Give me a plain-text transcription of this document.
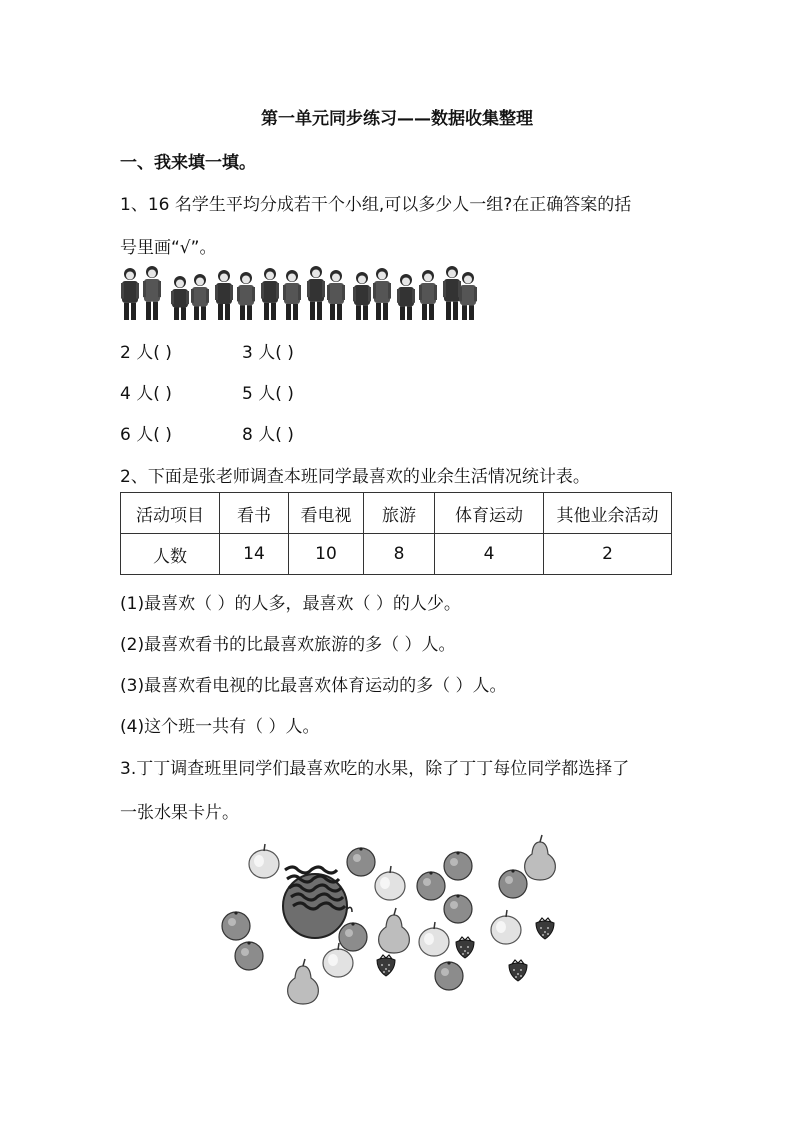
第一单元同步练习——数据收集整理
一、我来填一填。
1、16 名学生平均分成若干个小组,可以多少人一组?在正确答案的括
号里画“√”。
2 人( )	3 人( )
4 人( )	5 人( )
6 人( )	8 人( )
2、下面是张老师调查本班同学最喜欢的业余生活情况统计表。
活动项目	看书	看电视	旅游	体育运动	其他业余活动
人数	14	10	8	4	2
(1)最喜欢（ ）的人多，最喜欢（ ）的人少。
(2)最喜欢看书的比最喜欢旅游的多（ ）人。
(3)最喜欢看电视的比最喜欢体育运动的多（ ）人。
(4)这个班一共有（ ）人。
3.丁丁调查班里同学们最喜欢吃的水果，除了丁丁每位同学都选择了
一张水果卡片。
